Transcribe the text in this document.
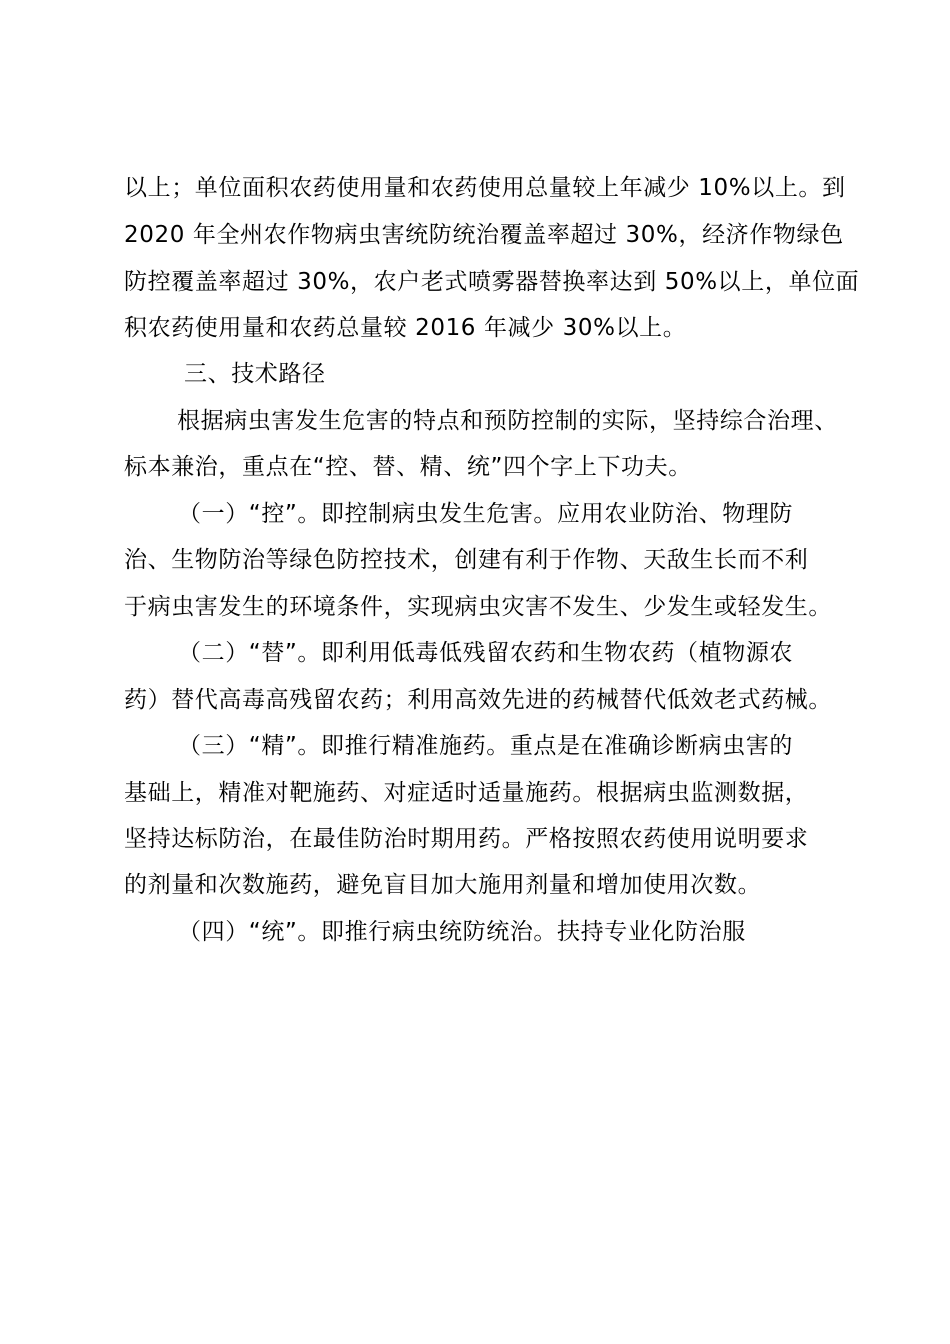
以上；单位面积农药使用量和农药使用总量较上年减少 10%以上。到
2020 年全州农作物病虫害统防统治覆盖率超过 30%，经济作物绿色
防控覆盖率超过 30%，农户老式喷雾器替换率达到 50%以上，单位面
积农药使用量和农药总量较 2016 年减少 30%以上。
三、技术路径
根据病虫害发生危害的特点和预防控制的实际，坚持综合治理、
标本兼治，重点在“控、替、精、统”四个字上下功夫。
（一）“控”。即控制病虫发生危害。应用农业防治、物理防
治、生物防治等绿色防控技术，创建有利于作物、天敌生长而不利
于病虫害发生的环境条件，实现病虫灾害不发生、少发生或轻发生。
（二）“替”。即利用低毒低残留农药和生物农药（植物源农
药）替代高毒高残留农药；利用高效先进的药械替代低效老式药械。
（三）“精”。即推行精准施药。重点是在准确诊断病虫害的
基础上，精准对靶施药、对症适时适量施药。根据病虫监测数据，
坚持达标防治，在最佳防治时期用药。严格按照农药使用说明要求
的剂量和次数施药，避免盲目加大施用剂量和增加使用次数。
（四）“统”。即推行病虫统防统治。扶持专业化防治服
